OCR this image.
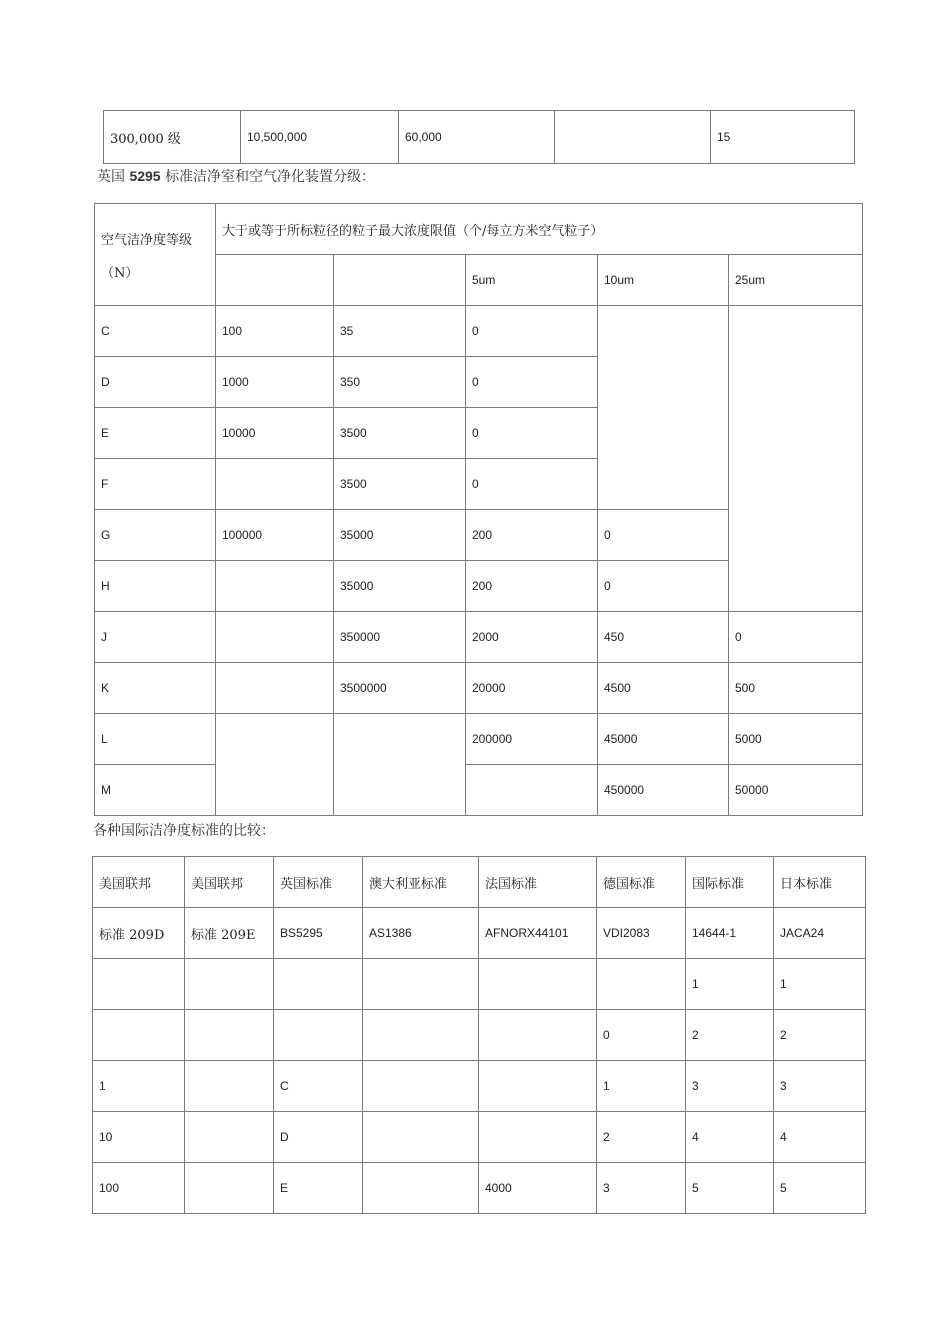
300,000 级	10,500,000	60,000		15
英国 5295 标准洁净室和空气净化装置分级：
空气洁净度等级
（N）	大于或等于所标粒径的粒子最大浓度限值（个/每立方米空气粒子）				
			5um	10um	25um
C	100	35	0		
D	1000	350	0		
E	10000	3500	0		
F		3500	0		
G	100000	35000	200	0	
H		35000	200	0	
J		350000	2000	450	0
K		3500000	20000	4500	500
L			200000	45000	5000
M				450000	50000
各种国际洁净度标准的比较：
美国联邦	美国联邦	英国标准	澳大利亚标准	法国标准	德国标准	国际标准	日本标准
标准 209D	标准 209E	BS5295	AS1386	AFNORX44101	VDI2083	14644-1	JACA24
						1	1
					0	2	2
1		C			1	3	3
10		D			2	4	4
100		E		4000	3	5	5
